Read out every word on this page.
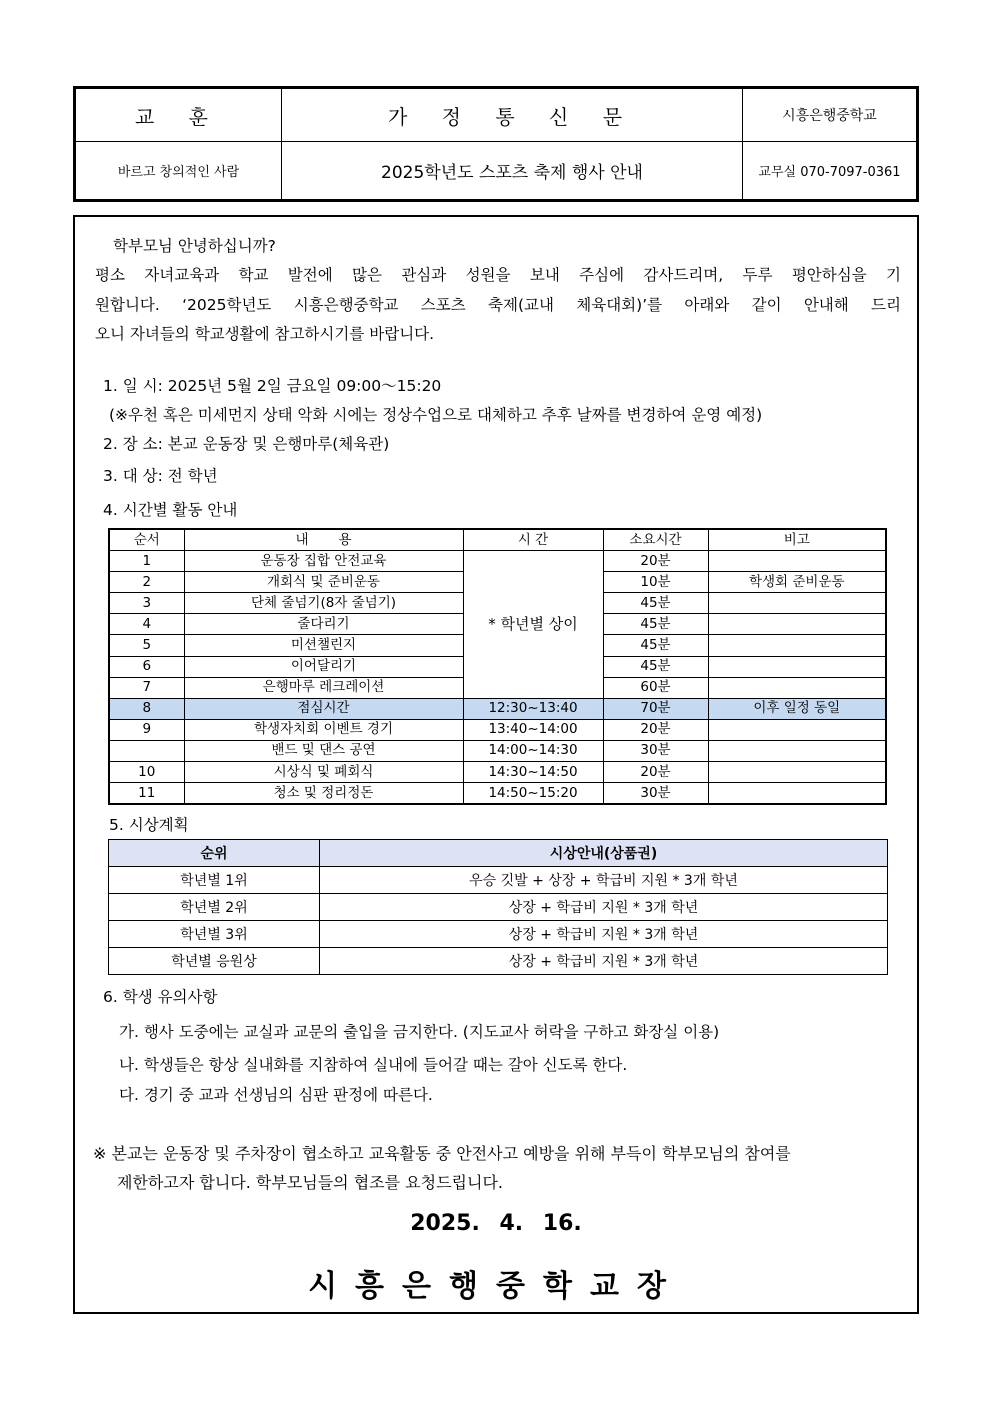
교 훈	가 정 통 신 문	시흥은행중학교
바르고 창의적인 사람	2025학년도 스포츠 축제 행사 안내	교무실 070-7097-0361
학부모님 안녕하십니까?
평소 자녀교육과 학교 발전에 많은 관심과 성원을 보내 주심에 감사드리며, 두루 평안하심을 기
원합니다. ‘2025학년도 시흥은행중학교 스포츠 축제(교내 체육대회)’를 아래와 같이 안내해 드리
오니 자녀들의 학교생활에 참고하시기를 바랍니다.
1. 일 시: 2025년 5월 2일 금요일 09:00～15:20
(※우천 혹은 미세먼지 상태 악화 시에는 정상수업으로 대체하고 추후 날짜를 변경하여 운영 예정)
2. 장 소: 본교 운동장 및 은행마루(체육관)
3. 대 상: 전 학년
4. 시간별 활동 안내
순서	내       용	시 간	소요시간	비고
1	운동장 집합 안전교육	* 학년별 상이	20분	
2	개회식 및 준비운동		10분	학생회 준비운동
3	단체 줄넘기(8자 줄넘기)		45분	
4	줄다리기		45분	
5	미션챌린지		45분	
6	이어달리기		45분	
7	은행마루 레크레이션		60분	
8	점심시간	12:30~13:40	70분	이후 일정 동일
9	학생자치회 이벤트 경기	13:40~14:00	20분	
	밴드 및 댄스 공연	14:00~14:30	30분	
10	시상식 및 폐회식	14:30~14:50	20분	
11	청소 및 정리정돈	14:50~15:20	30분	
5. 시상계획
순위	시상안내(상품권)
학년별 1위	우승 깃발 + 상장 + 학급비 지원 * 3개 학년
학년별 2위	상장 + 학급비 지원 * 3개 학년
학년별 3위	상장 + 학급비 지원 * 3개 학년
학년별 응원상	상장 + 학급비 지원 * 3개 학년
6. 학생 유의사항
가. 행사 도중에는 교실과 교문의 출입을 금지한다. (지도교사 허락을 구하고 화장실 이용)
나. 학생들은 항상 실내화를 지참하여 실내에 들어갈 때는 갈아 신도록 한다.
다. 경기 중 교과 선생님의 심판 판정에 따른다.
※ 본교는 운동장 및 주차장이 협소하고 교육활동 중 안전사고 예방을 위해 부득이 학부모님의 참여를
제한하고자 합니다. 학부모님들의 협조를 요청드립니다.
2025. 4. 16.
시흥은행중학교장
